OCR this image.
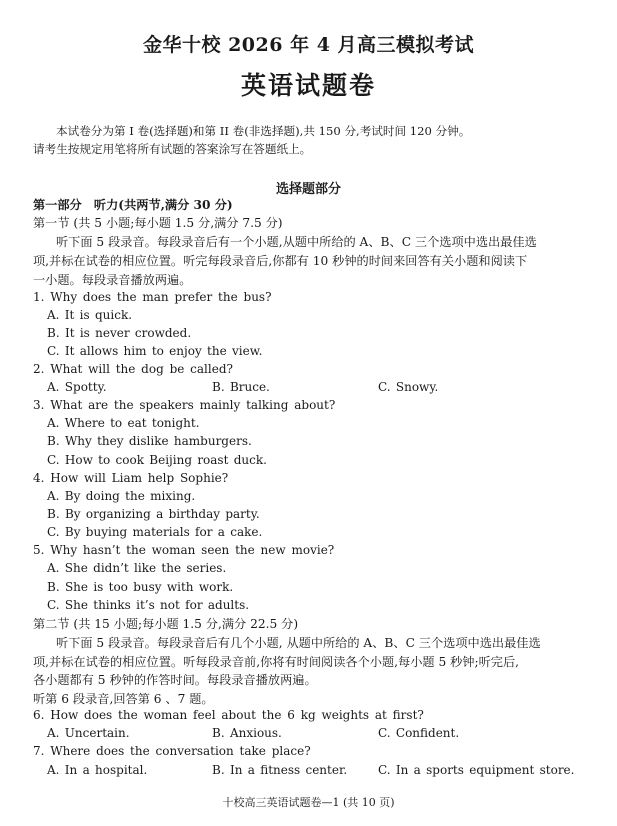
金华十校 2026 年 4 月高三模拟考试
英语试题卷
本试卷分为第 I 卷(选择题)和第 II 卷(非选择题),共 150 分,考试时间 120 分钟。
请考生按规定用笔将所有试题的答案涂写在答题纸上。
选择题部分
第一部分　听力(共两节,满分 30 分)
第一节 (共 5 小题;每小题 1.5 分,满分 7.5 分)
听下面 5 段录音。每段录音后有一个小题,从题中所给的 A、B、C 三个选项中选出最佳选
项,并标在试卷的相应位置。听完每段录音后,你都有 10 秒钟的时间来回答有关小题和阅读下
一小题。每段录音播放两遍。
1. Why does the man prefer the bus?
A. It is quick.
B. It is never crowded.
C. It allows him to enjoy the view.
2. What will the dog be called?
A. Spotty.	B. Bruce.	C. Snowy.
3. What are the speakers mainly talking about?
A. Where to eat tonight.
B. Why they dislike hamburgers.
C. How to cook Beijing roast duck.
4. How will Liam help Sophie?
A. By doing the mixing.
B. By organizing a birthday party.
C. By buying materials for a cake.
5. Why hasn’t the woman seen the new movie?
A. She didn’t like the series.
B. She is too busy with work.
C. She thinks it’s not for adults.
第二节 (共 15 小题;每小题 1.5 分,满分 22.5 分)
听下面 5 段录音。每段录音后有几个小题, 从题中所给的 A、B、C 三个选项中选出最佳选
项,并标在试卷的相应位置。听每段录音前,你将有时间阅读各个小题,每小题 5 秒钟;听完后,
各小题都有 5 秒钟的作答时间。每段录音播放两遍。
听第 6 段录音,回答第 6 、7 题。
6. How does the woman feel about the 6 kg weights at first?
A. Uncertain.	B. Anxious.	C. Confident.
7. Where does the conversation take place?
A. In a hospital.	B. In a fitness center.	C. In a sports equipment store.
十校高三英语试题卷—1 (共 10 页)
